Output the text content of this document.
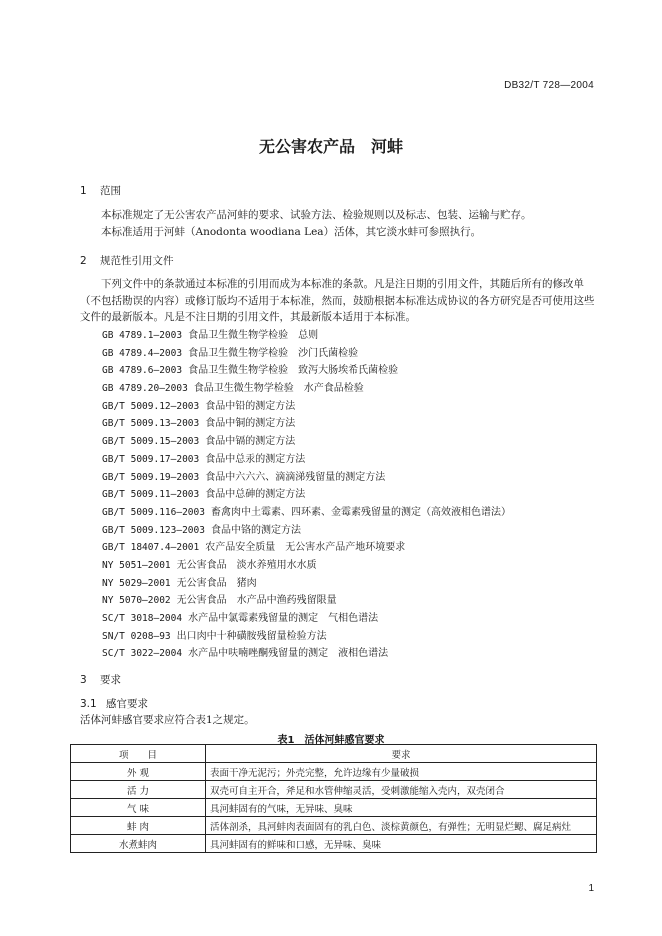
DB32/T 728—2004
无公害农产品　河蚌
1 范围

本标准规定了无公害农产品河蚌的要求、试验方法、检验规则以及标志、包装、运输与贮存。

本标准适用于河蚌（Anodonta woodiana Lea）活体，其它淡水蚌可参照执行。

2 规范性引用文件

下列文件中的条款通过本标准的引用而成为本标准的条款。凡是注日期的引用文件，其随后所有的修改单（不包括勘误的内容）或修订版均不适用于本标准，然而，鼓励根据本标准达成协议的各方研究是否可使用这些文件的最新版本。凡是不注日期的引用文件，其最新版本适用于本标准。

GB 4789.1—2003 食品卫生微生物学检验　总则
GB 4789.4—2003 食品卫生微生物学检验　沙门氏菌检验
GB 4789.6—2003 食品卫生微生物学检验　致泻大肠埃希氏菌检验
GB 4789.20—2003 食品卫生微生物学检验　水产食品检验
GB/T 5009.12—2003 食品中铅的测定方法
GB/T 5009.13—2003 食品中铜的测定方法
GB/T 5009.15—2003 食品中镉的测定方法
GB/T 5009.17—2003 食品中总汞的测定方法
GB/T 5009.19—2003 食品中六六六、滴滴涕残留量的测定方法
GB/T 5009.11—2003 食品中总砷的测定方法
GB/T 5009.116—2003 畜禽肉中土霉素、四环素、金霉素残留量的测定（高效液相色谱法）
GB/T 5009.123—2003 食品中铬的测定方法
GB/T 18407.4—2001 农产品安全质量　无公害水产品产地环境要求
NY 5051—2001 无公害食品　淡水养殖用水水质
NY 5029—2001 无公害食品　猪肉
NY 5070—2002 无公害食品　水产品中渔药残留限量
SC/T 3018—2004 水产品中氯霉素残留量的测定　气相色谱法
SN/T 0208—93 出口肉中十种磺胺残留量检验方法
SC/T 3022—2004 水产品中呋喃唑酮残留量的测定　液相色谱法
3 要求
3.1 感官要求

活体河蚌感官要求应符合表1之规定。

表1　活体河蚌感官要求
项　　目	要求
外 观	表面干净无泥污；外壳完整，允许边缘有少量破损
活 力	双壳可自主开合，斧足和水管伸缩灵活，受刺激能缩入壳内，双壳闭合
气 味	具河蚌固有的气味，无异味、臭味
蚌 肉	活体剖杀，具河蚌肉表面固有的乳白色、淡棕黄颜色，有弹性；无明显烂鳃、腐足病灶
水煮蚌肉	具河蚌固有的鲜味和口感，无异味、臭味
1
